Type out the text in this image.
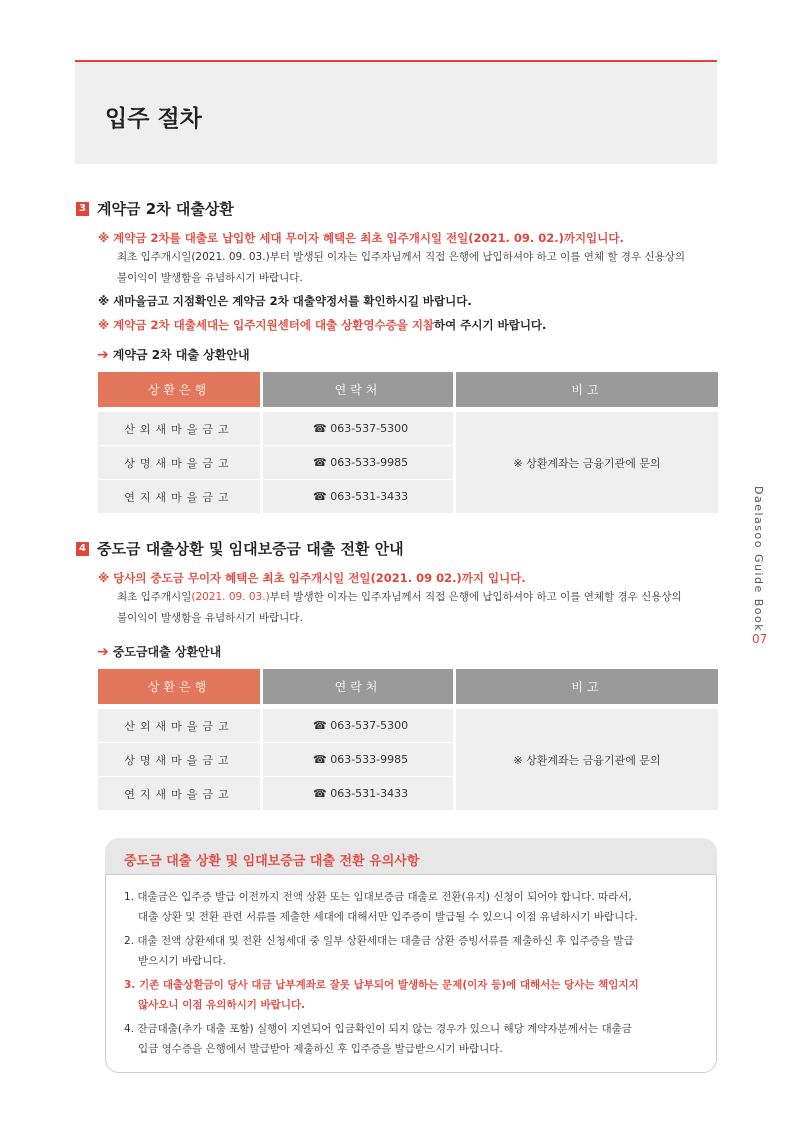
입주 절차
3 계약금 2차 대출상환
※ 계약금 2차를 대출로 납입한 세대 무이자 혜택은 최초 입주개시일 전일(2021. 09. 02.)까지입니다.
최초 입주개시일(2021. 09. 03.)부터 발생된 이자는 입주자님께서 직접 은행에 납입하셔야 하고 이를 연체 할 경우 신용상의
불이익이 발생함을 유념하시기 바랍니다.
※ 새마을금고 지점확인은 계약금 2차 대출약정서를 확인하시길 바랍니다.
※ 계약금 2차 대출세대는 입주지원센터에 대출 상환영수증을 지참하여 주시기 바랍니다.
➔ 계약금 2차 대출 상환안내
상환은행	연락처	비고

산외새마을금고	☎ 063-537-5300	※ 상환계좌는 금융기관에 문의

상명새마을금고	☎ 063-533-9985	

연지새마을금고	☎ 063-531-3433	
4 중도금 대출상환 및 임대보증금 대출 전환 안내
※ 당사의 중도금 무이자 혜택은 최초 입주개시일 전일(2021. 09 02.)까지 입니다.
최초 입주개시일(2021. 09. 03.)부터 발생한 이자는 입주자님께서 직접 은행에 납입하셔야 하고 이를 연체할 경우 신용상의
불이익이 발생함을 유념하시기 바랍니다.
➔ 중도금대출 상환안내
상환은행	연락처	비고

산외새마을금고	☎ 063-537-5300	※ 상환계좌는 금융기관에 문의

상명새마을금고	☎ 063-533-9985	

연지새마을금고	☎ 063-531-3433	
Daelasoo Guide Book
07
중도금 대출 상환 및 임대보증금 대출 전환 유의사항
1. 대출금은 입주증 발급 이전까지 전액 상환 또는 임대보증금 대출로 전환(유지) 신청이 되어야 합니다. 따라서,
대출 상환 및 전환 관련 서류를 제출한 세대에 대해서만 입주증이 발급될 수 있으니 이점 유념하시기 바랍니다.
2. 대출 전액 상환세대 및 전환 신청세대 중 일부 상환세대는 대출금 상환 증빙서류를 제출하신 후 입주증을 발급
받으시기 바랍니다.
3. 기존 대출상환금이 당사 대금 납부계좌로 잘못 납부되어 발생하는 문제(이자 등)에 대해서는 당사는 책임지지
않사오니 이점 유의하시기 바랍니다.
4. 잔금대출(추가 대출 포함) 실행이 지연되어 입금확인이 되지 않는 경우가 있으니 해당 계약자분께서는 대출금
입금 영수증을 은행에서 발급받아 제출하신 후 입주증을 발급받으시기 바랍니다.
